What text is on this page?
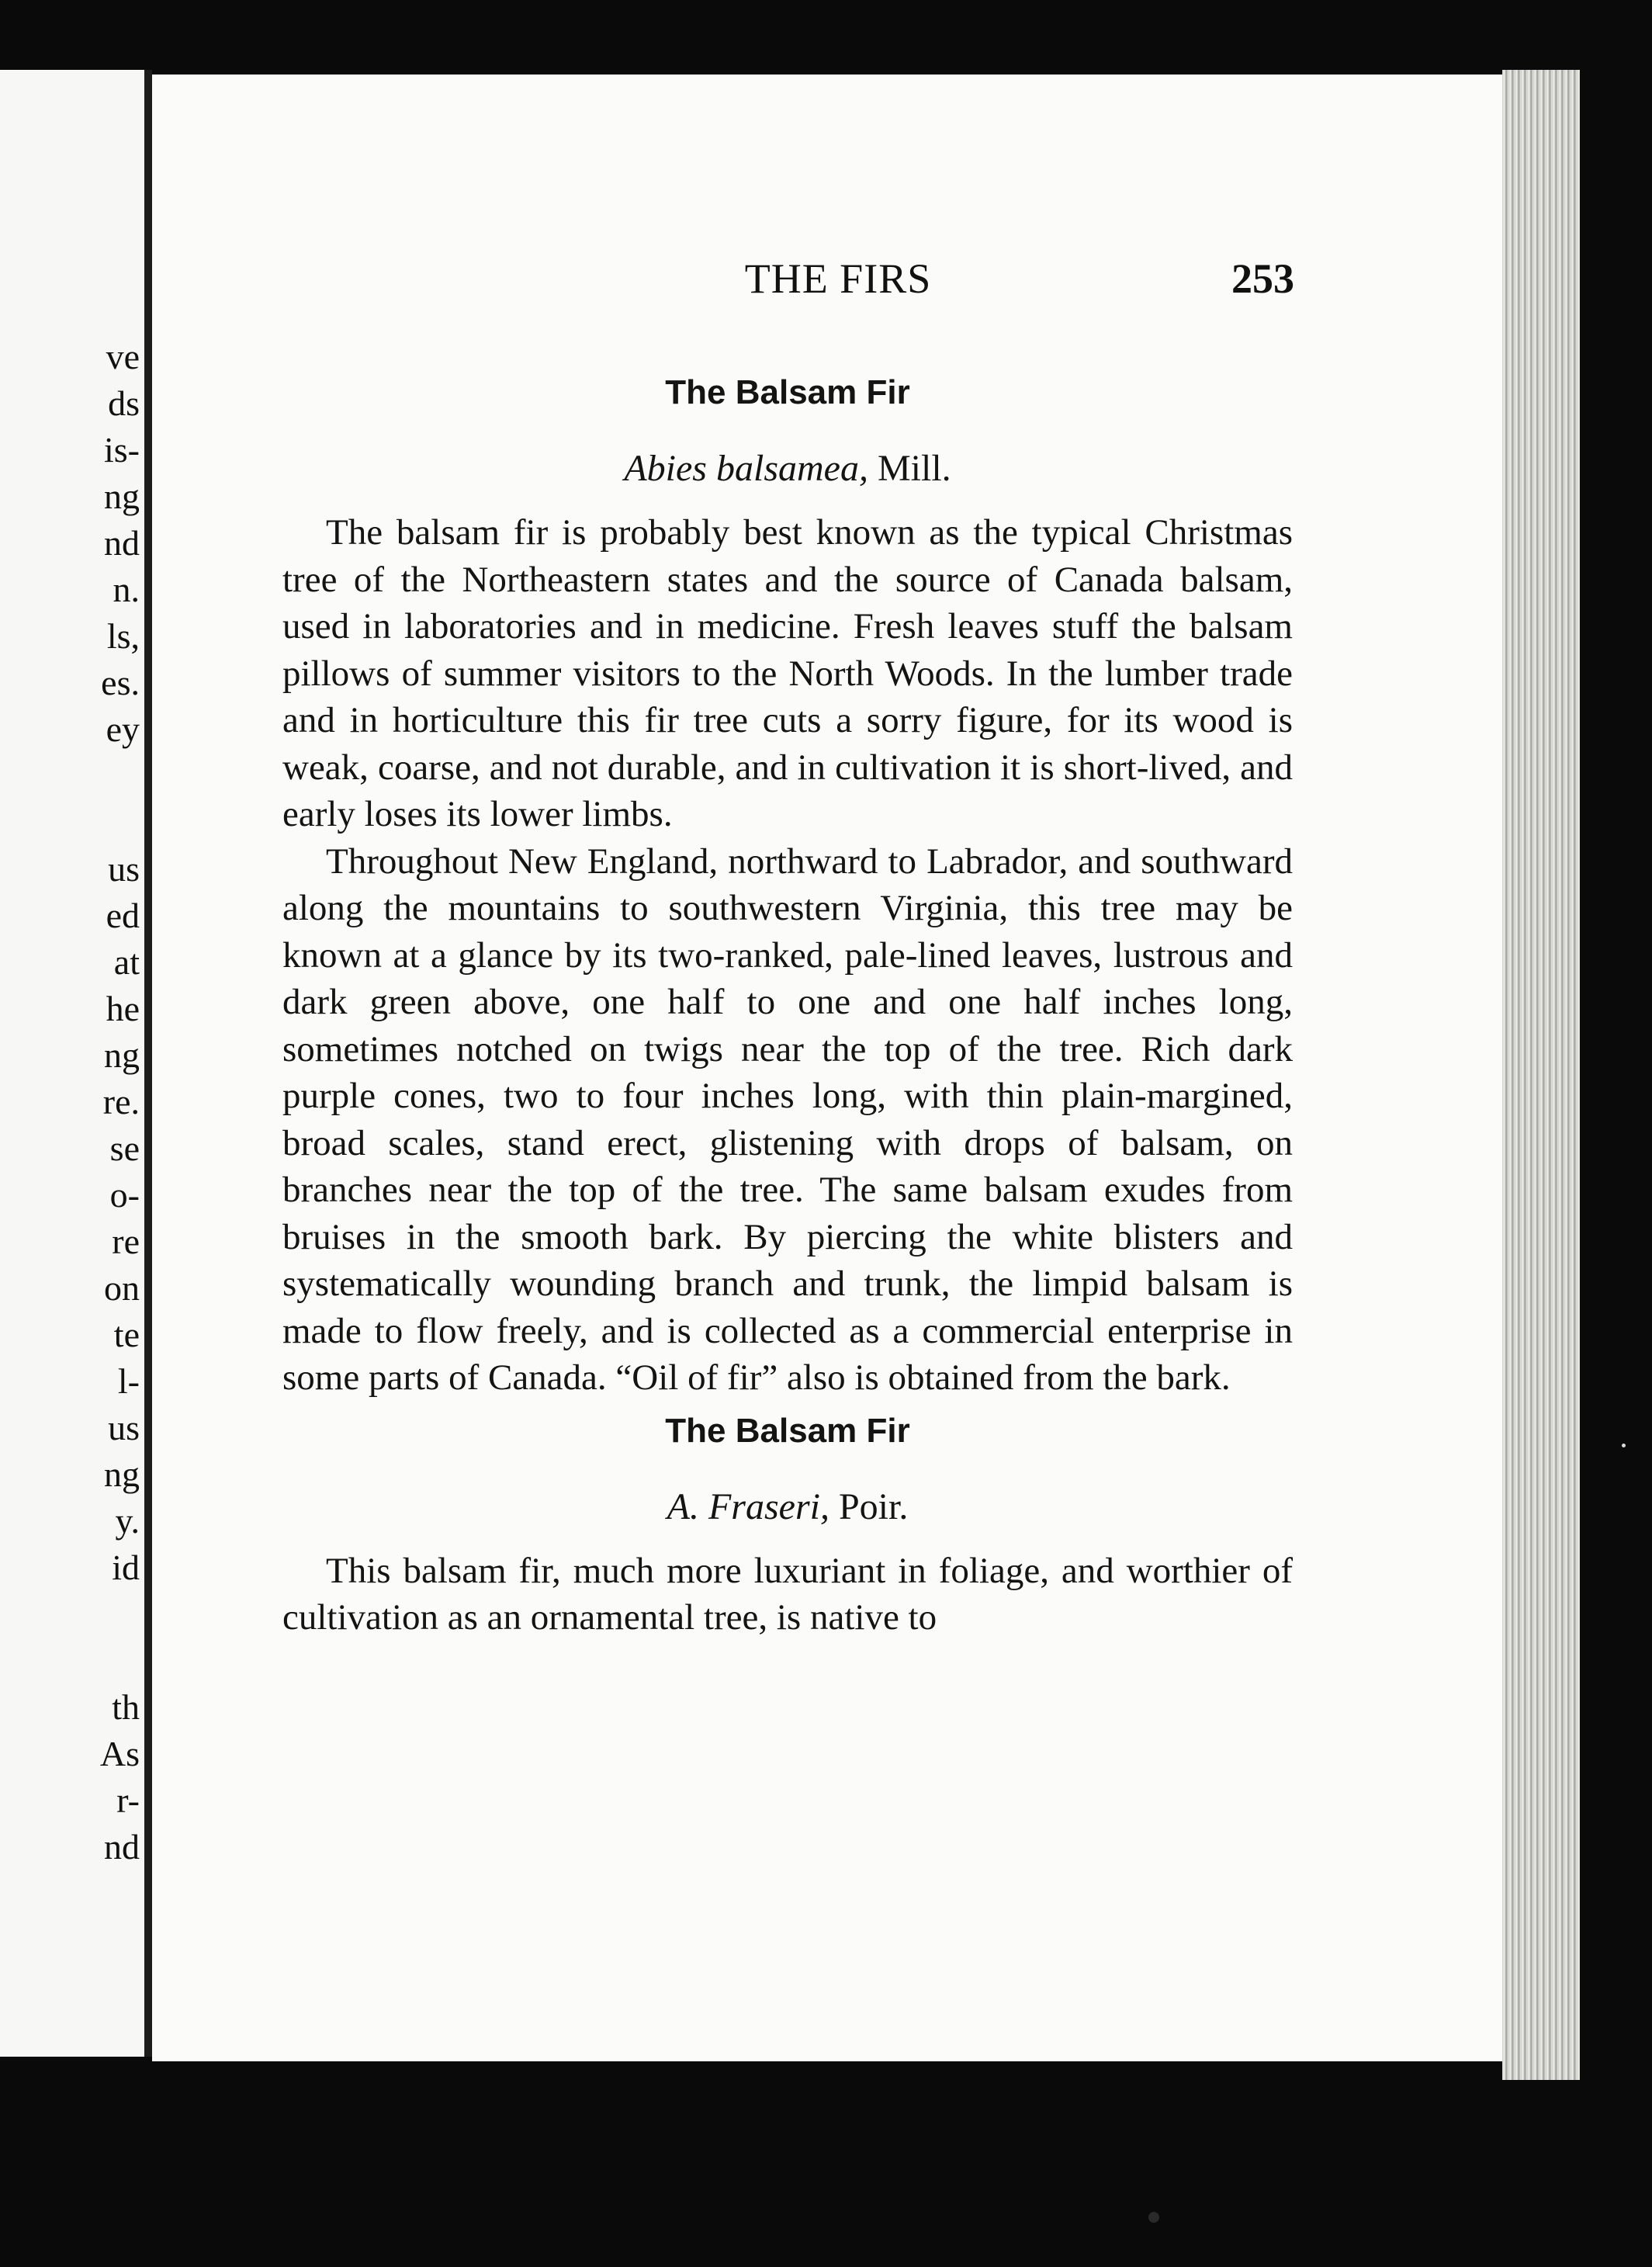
ve
ds
is-
ng
nd
n.
ls,
es.
ey
us
ed
at
he
ng
re.
se
o-
re
on
te
l-
us
ng
y.
id
th
As
r-
nd
THE FIRS	253
The Balsam Fir
Abies balsamea, Mill.

The balsam fir is probably best known as the typical Christmas tree of the Northeastern states and the source of Canada balsam, used in laboratories and in medicine. Fresh leaves stuff the balsam pillows of summer visitors to the North Woods. In the lumber trade and in horticulture this fir tree cuts a sorry figure, for its wood is weak, coarse, and not durable, and in cultivation it is short-lived, and early loses its lower limbs.

Throughout New England, northward to Labrador, and southward along the mountains to southwestern Virginia, this tree may be known at a glance by its two-ranked, pale-lined leaves, lustrous and dark green above, one half to one and one half inches long, sometimes notched on twigs near the top of the tree. Rich dark purple cones, two to four inches long, with thin plain-margined, broad scales, stand erect, glistening with drops of balsam, on branches near the top of the tree. The same balsam exudes from bruises in the smooth bark. By piercing the white blisters and systematically wounding branch and trunk, the limpid balsam is made to flow freely, and is collected as a commercial enterprise in some parts of Canada. “Oil of fir” also is obtained from the bark.

The Balsam Fir
A. Fraseri, Poir.

This balsam fir, much more luxuriant in foliage, and worthier of cultivation as an ornamental tree, is native to
